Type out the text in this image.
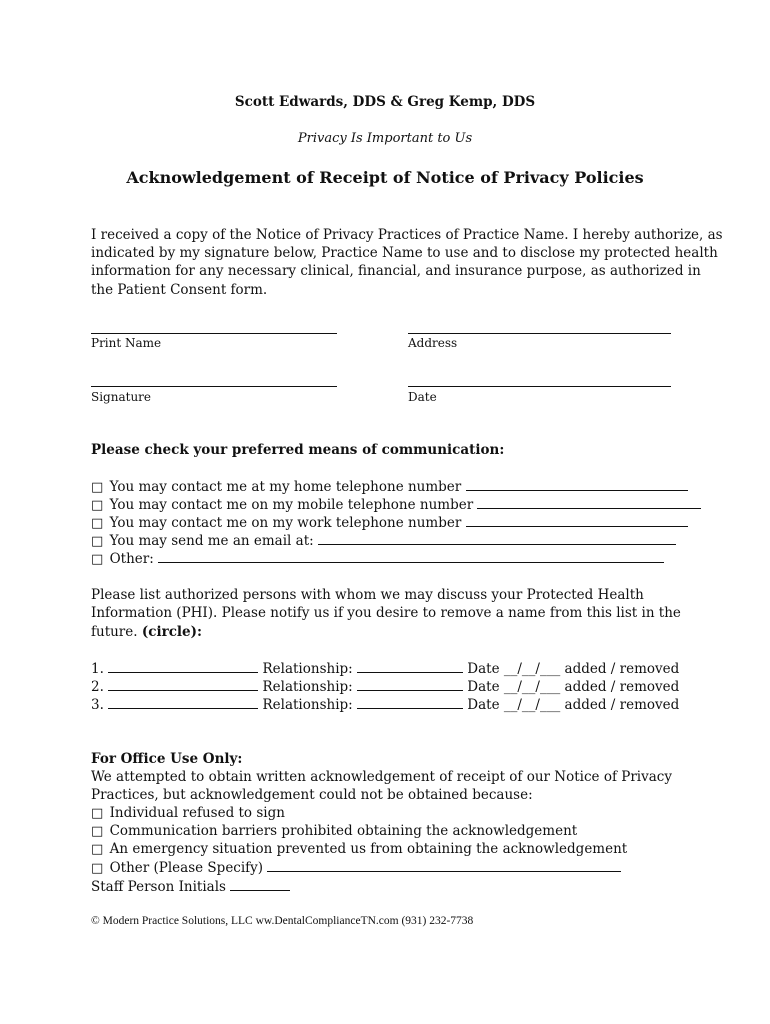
Scott Edwards, DDS & Greg Kemp, DDS
Privacy Is Important to Us
Acknowledgement of Receipt of Notice of Privacy Policies
I received a copy of the Notice of Privacy Practices of Practice Name. I hereby authorize, as
indicated by my signature below, Practice Name to use and to disclose my protected health
information for any necessary clinical, financial, and insurance purpose, as authorized in
the Patient Consent form.
Print Name	Address
Signature	Date
Please check your preferred means of communication:
□ You may contact me at my home telephone number
□ You may contact me on my mobile telephone number
□ You may contact me on my work telephone number
□ You may send me an email at:
□ Other:
Please list authorized persons with whom we may discuss your Protected Health
Information (PHI). Please notify us if you desire to remove a name from this list in the
future. (circle):
1.	Relationship:	Date __/__/___ added / removed
2.	Relationship:	Date __/__/___ added / removed
3.	Relationship:	Date __/__/___ added / removed
For Office Use Only:
We attempted to obtain written acknowledgement of receipt of our Notice of Privacy
Practices, but acknowledgement could not be obtained because:
□ Individual refused to sign
□ Communication barriers prohibited obtaining the acknowledgement
□ An emergency situation prevented us from obtaining the acknowledgement
□ Other (Please Specify)
Staff Person Initials
© Modern Practice Solutions, LLC ww.DentalComplianceTN.com (931) 232-7738
